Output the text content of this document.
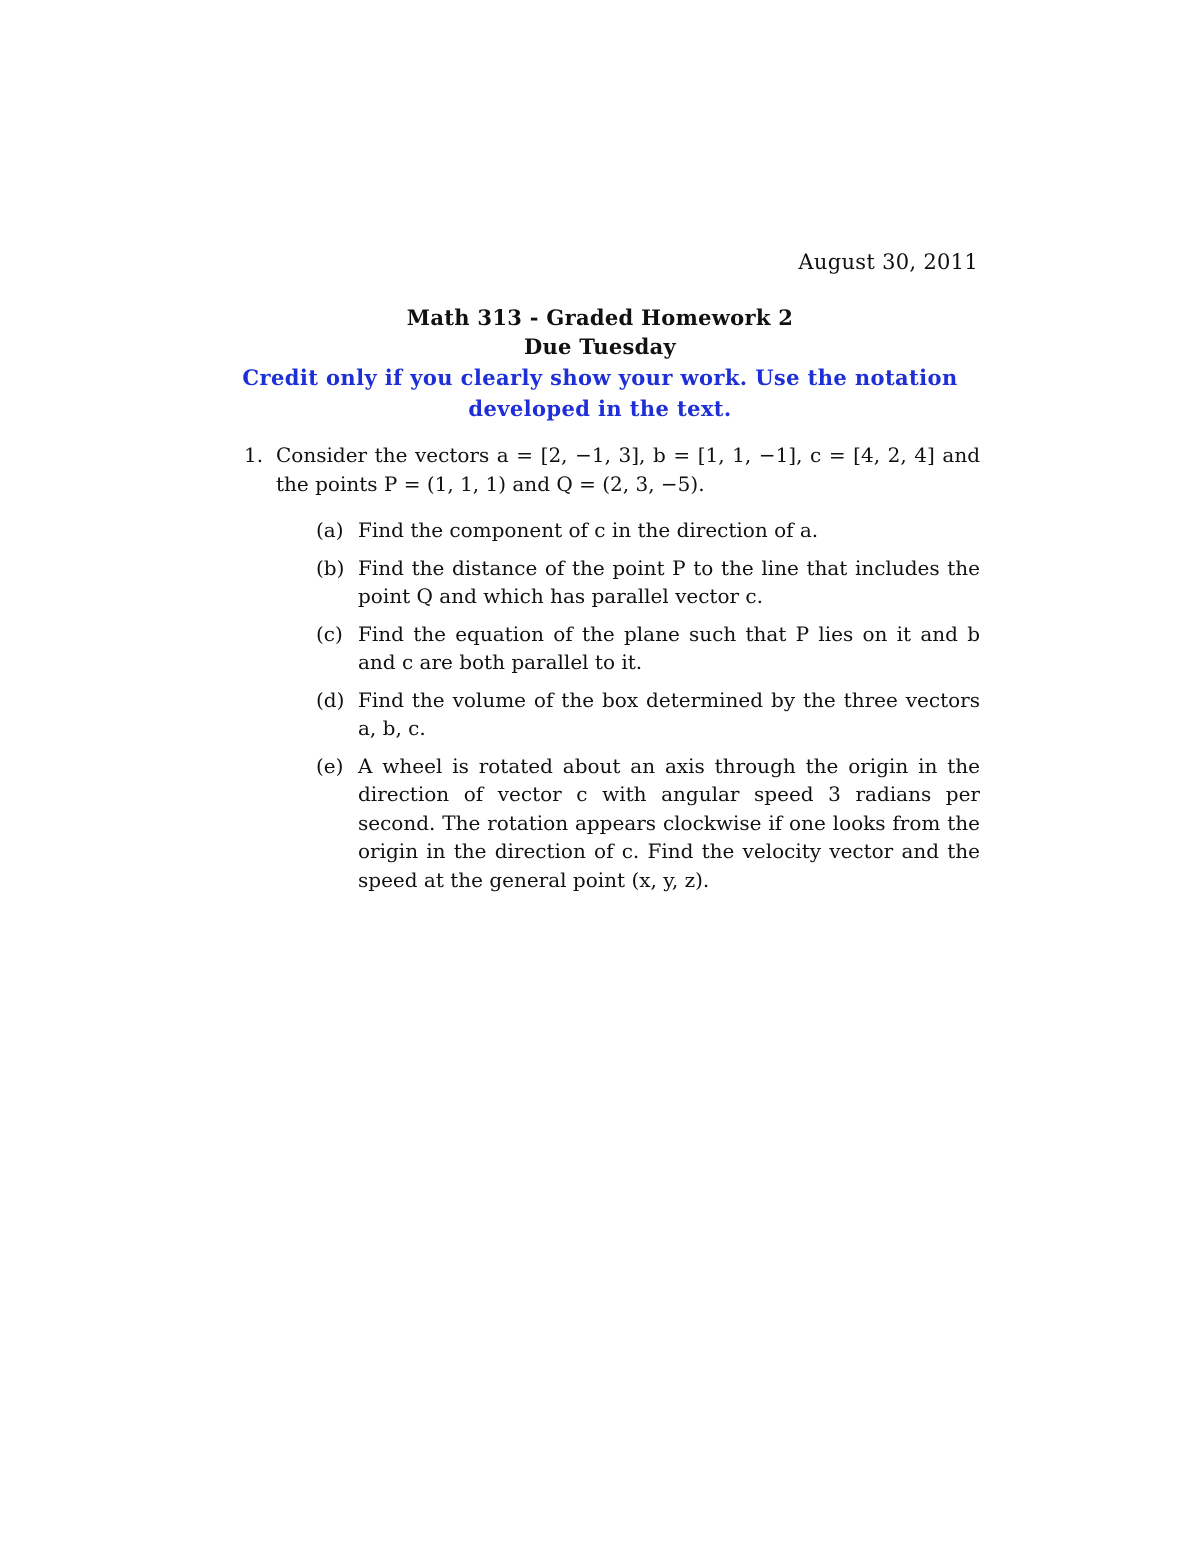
August 30, 2011
Math 313 - Graded Homework 2
Due Tuesday
Credit only if you clearly show your work. Use the notation
developed in the text.
1. Consider the vectors a = [2, −1, 3], b = [1, 1, −1], c = [4, 2, 4] and the points P = (1, 1, 1) and Q = (2, 3, −5).
(a) Find the component of c in the direction of a.
(b) Find the distance of the point P to the line that includes the point Q and which has parallel vector c.
(c) Find the equation of the plane such that P lies on it and b and c are both parallel to it.
(d) Find the volume of the box determined by the three vectors a, b, c.
(e) A wheel is rotated about an axis through the origin in the direction of vector c with angular speed 3 radians per second. The rotation appears clockwise if one looks from the origin in the direction of c. Find the velocity vector and the speed at the general point (x, y, z).
